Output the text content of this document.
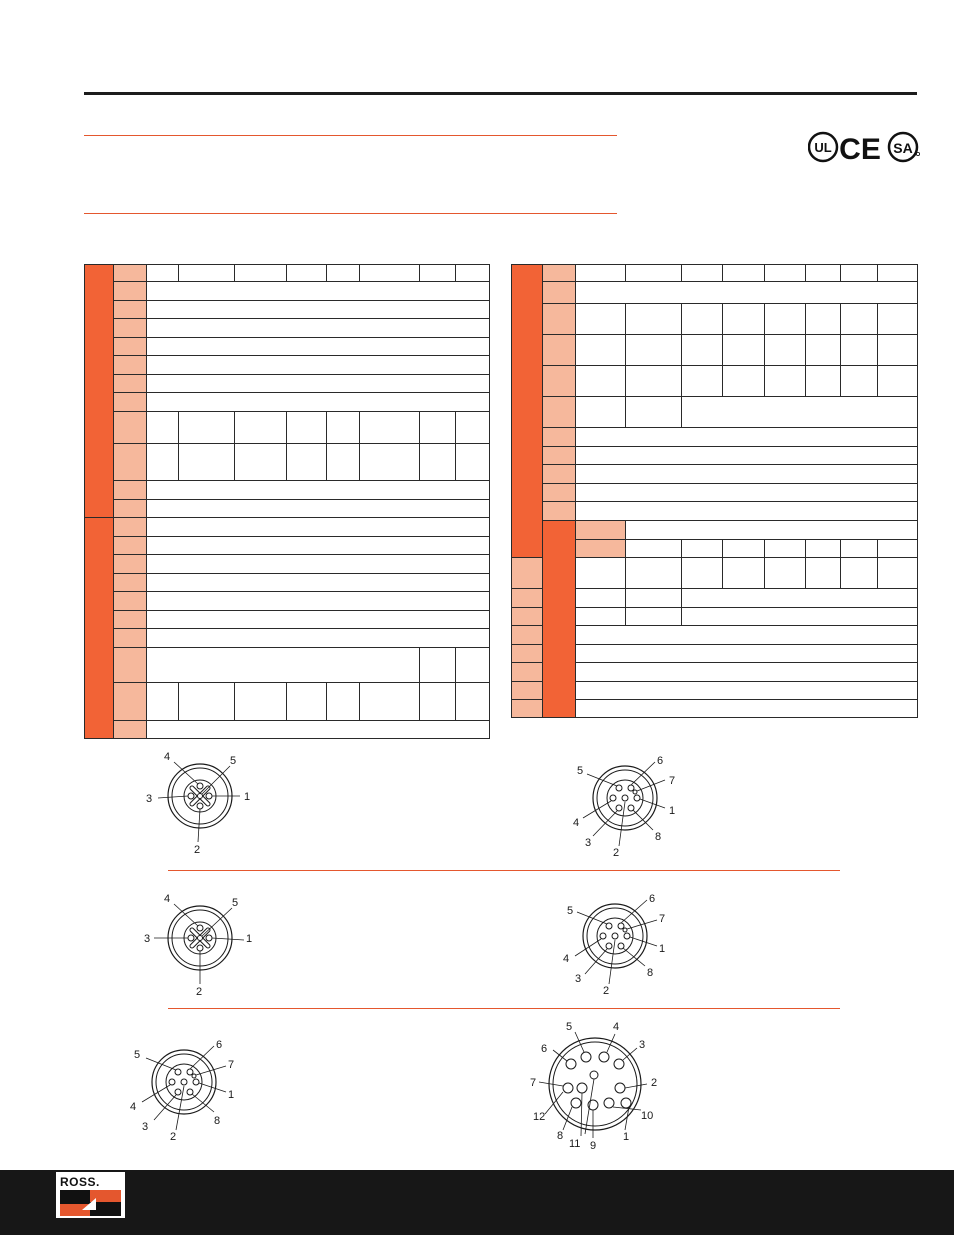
UL CE SA

1
2
3
4	5
1
2
3
4
5
6
7
8
1
2
3
4	5
1
2
3
4
5
6
7
8
1
2
3
4
5
6
7
8
1
2
3
4
5
6
7
8
9
10
11
12
ROSS.
